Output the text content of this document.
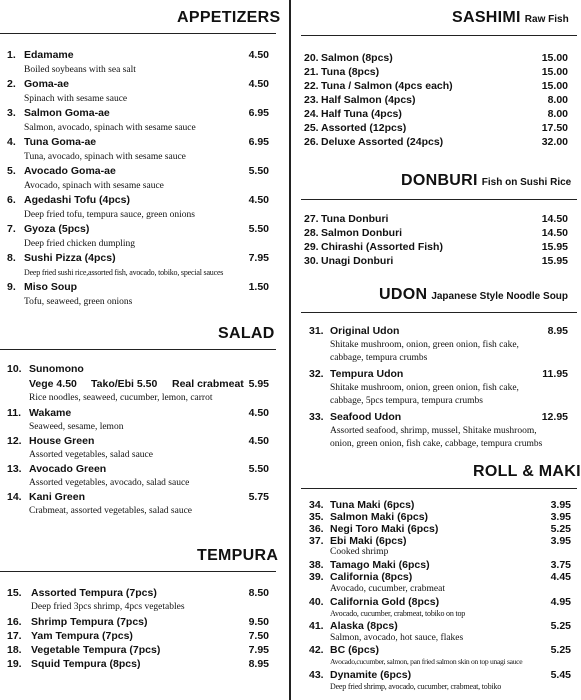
APPETIZERS
1. Edamame	4.50
Boiled soybeans with sea salt
2. Goma-ae	4.50
Spinach with sesame sauce
3. Salmon Goma-ae	6.95
Salmon, avocado, spinach with sesame sauce
4. Tuna Goma-ae	6.95
Tuna, avocado, spinach with sesame sauce
5. Avocado Goma-ae	5.50
Avocado, spinach with sesame sauce
6. Agedashi Tofu (4pcs)	4.50
Deep fried tofu, tempura sauce, green onions
7. Gyoza (5pcs)	5.50
Deep fried chicken dumpling
8. Sushi Pizza (4pcs)	7.95
Deep fried sushi rice,assorted fish, avocado, tobiko, special sauces
9. Miso Soup	1.50
Tofu, seaweed, green onions
SALAD
10. Sunomono
Vege 4.50 Tako/Ebi 5.50 Real crabmeat 5.95
Rice noodles, seaweed, cucumber, lemon, carrot
11. Wakame	4.50
Seaweed, sesame, lemon
12. House Green	4.50
Assorted vegetables, salad sauce
13. Avocado Green	5.50
Assorted vegetables, avocado, salad sauce
14. Kani Green	5.75
Crabmeat, assorted vegetables, salad sauce
TEMPURA
15. Assorted Tempura (7pcs)	8.50
Deep fried 3pcs shrimp, 4pcs vegetables
16. Shrimp Tempura (7pcs)	9.50
17. Yam Tempura (7pcs)	7.50
18. Vegetable Tempura (7pcs)	7.95
19. Squid Tempura (8pcs)	8.95
SASHIMI Raw Fish
20. Salmon (8pcs)	15.00
21. Tuna (8pcs)	15.00
22. Tuna / Salmon (4pcs each)	15.00
23. Half Salmon (4pcs)	8.00
24. Half Tuna (4pcs)	8.00
25. Assorted (12pcs)	17.50
26. Deluxe Assorted (24pcs)	32.00
DONBURI Fish on Sushi Rice
27. Tuna Donburi	14.50
28. Salmon Donburi	14.50
29. Chirashi (Assorted Fish)	15.95
30. Unagi Donburi	15.95
UDON Japanese Style Noodle Soup
31. Original Udon	8.95
Shitake mushroom, onion, green onion, fish cake,
cabbage, tempura crumbs
32. Tempura Udon	11.95
Shitake mushroom, onion, green onion, fish cake,
cabbage, 5pcs tempura, tempura crumbs
33. Seafood Udon	12.95
Assorted seafood, shrimp, mussel, Shitake mushroom,
onion, green onion, fish cake, cabbage, tempura crumbs
ROLL & MAKI
34. Tuna Maki (6pcs)	3.95
35. Salmon Maki (6pcs)	3.95
36. Negi Toro Maki (6pcs)	5.25
37. Ebi Maki (6pcs)	3.95
Cooked shrimp
38. Tamago Maki (6pcs)	3.75
39. California (8pcs)	4.45
Avocado, cucumber, crabmeat
40. California Gold (8pcs)	4.95
Avocado, cucumber, crabmeat, tobiko on top
41. Alaska (8pcs)	5.25
Salmon, avocado, hot sauce, flakes
42. BC (6pcs)	5.25
Avocado,cucumber, salmon, pan fried salmon skin on top unagi sauce
43. Dynamite (6pcs)	5.45
Deep fried shrimp, avocado, cucumber, crabmeat, tobiko
